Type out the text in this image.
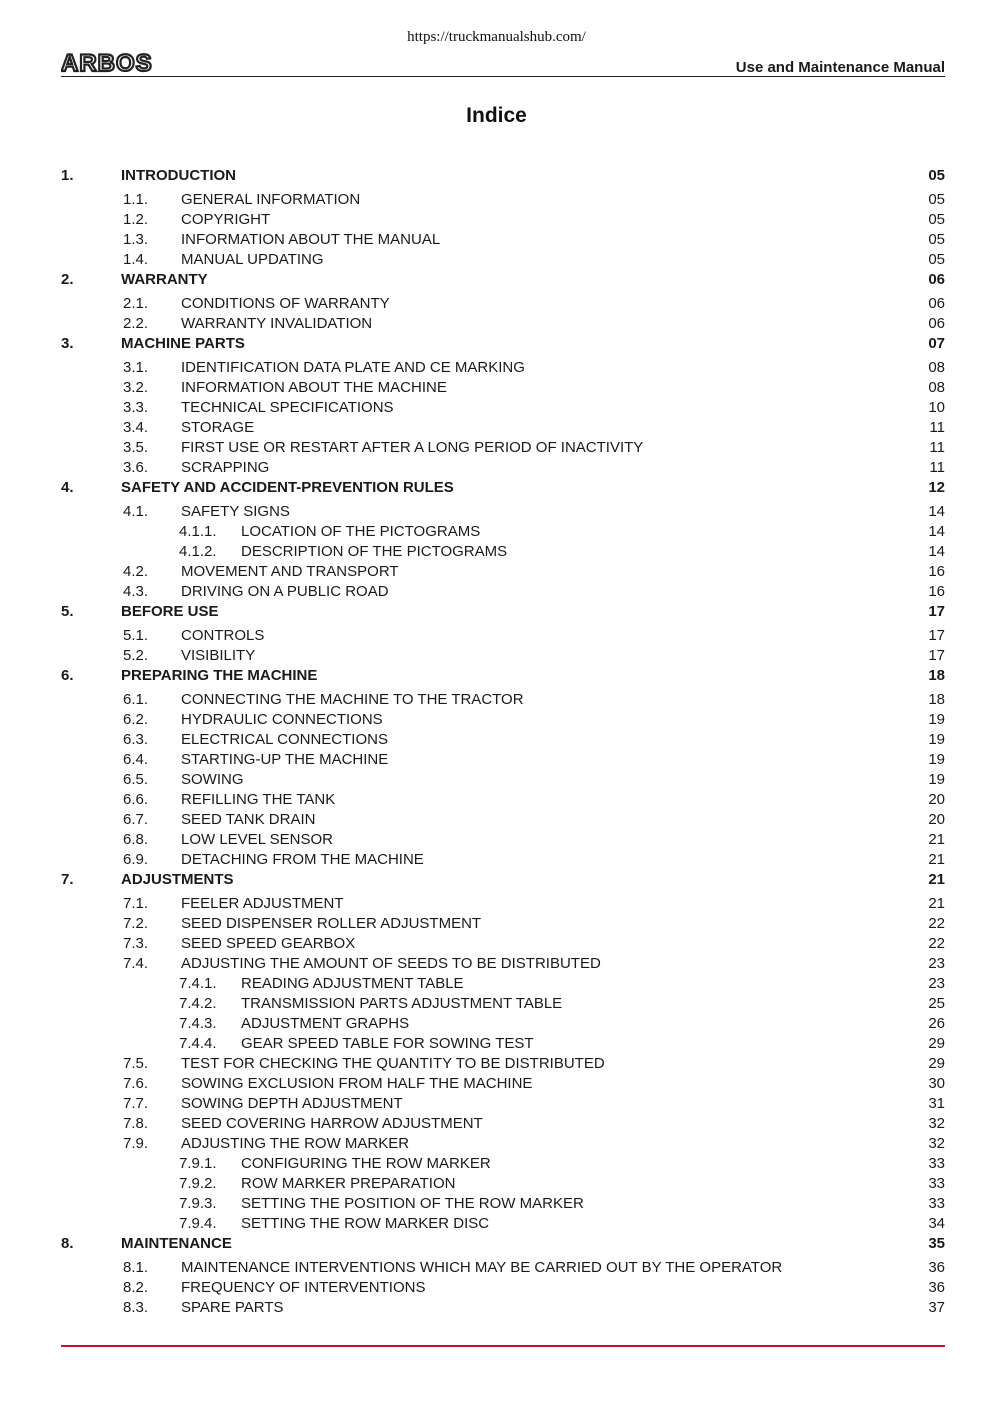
https://truckmanualshub.com/
ARBOS	Use and Maintenance Manual
Indice
1.	INTRODUCTION	05
1.1. GENERAL INFORMATION	05
1.2. COPYRIGHT	05
1.3. INFORMATION ABOUT THE MANUAL	05
1.4. MANUAL UPDATING	05
2.	WARRANTY	06
2.1. CONDITIONS OF WARRANTY	06
2.2. WARRANTY INVALIDATION	06
3.	MACHINE PARTS	07
3.1. IDENTIFICATION DATA PLATE AND CE MARKING	08
3.2. INFORMATION ABOUT THE MACHINE	08
3.3. TECHNICAL SPECIFICATIONS	10
3.4. STORAGE	11
3.5. FIRST USE OR RESTART AFTER A LONG PERIOD OF INACTIVITY	11
3.6. SCRAPPING	11
4.	SAFETY AND ACCIDENT-PREVENTION RULES	12
4.1. SAFETY SIGNS	14
4.1.1. LOCATION OF THE PICTOGRAMS	14
4.1.2. DESCRIPTION OF THE PICTOGRAMS	14
4.2. MOVEMENT AND TRANSPORT	16
4.3. DRIVING ON A PUBLIC ROAD	16
5.	BEFORE USE	17
5.1. CONTROLS	17
5.2. VISIBILITY	17
6.	PREPARING THE MACHINE	18
6.1. CONNECTING THE MACHINE TO THE TRACTOR	18
6.2. HYDRAULIC CONNECTIONS	19
6.3. ELECTRICAL CONNECTIONS	19
6.4. STARTING-UP THE MACHINE	19
6.5. SOWING	19
6.6. REFILLING THE TANK	20
6.7. SEED TANK DRAIN	20
6.8. LOW LEVEL SENSOR	21
6.9. DETACHING FROM THE MACHINE	21
7.	ADJUSTMENTS	21
7.1. FEELER ADJUSTMENT	21
7.2. SEED DISPENSER ROLLER ADJUSTMENT	22
7.3. SEED SPEED GEARBOX	22
7.4. ADJUSTING THE AMOUNT OF SEEDS TO BE DISTRIBUTED	23
7.4.1. READING ADJUSTMENT TABLE	23
7.4.2. TRANSMISSION PARTS ADJUSTMENT TABLE	25
7.4.3. ADJUSTMENT GRAPHS	26
7.4.4. GEAR SPEED TABLE FOR SOWING TEST	29
7.5. TEST FOR CHECKING THE QUANTITY TO BE DISTRIBUTED	29
7.6. SOWING EXCLUSION FROM HALF THE MACHINE	30
7.7. SOWING DEPTH ADJUSTMENT	31
7.8. SEED COVERING HARROW ADJUSTMENT	32
7.9. ADJUSTING THE ROW MARKER	32
7.9.1. CONFIGURING THE ROW MARKER	33
7.9.2. ROW MARKER PREPARATION	33
7.9.3. SETTING THE POSITION OF THE ROW MARKER	33
7.9.4. SETTING THE ROW MARKER DISC	34
8.	MAINTENANCE	35
8.1. MAINTENANCE INTERVENTIONS WHICH MAY BE CARRIED OUT BY THE OPERATOR	36
8.2. FREQUENCY OF INTERVENTIONS	36
8.3. SPARE PARTS	37
